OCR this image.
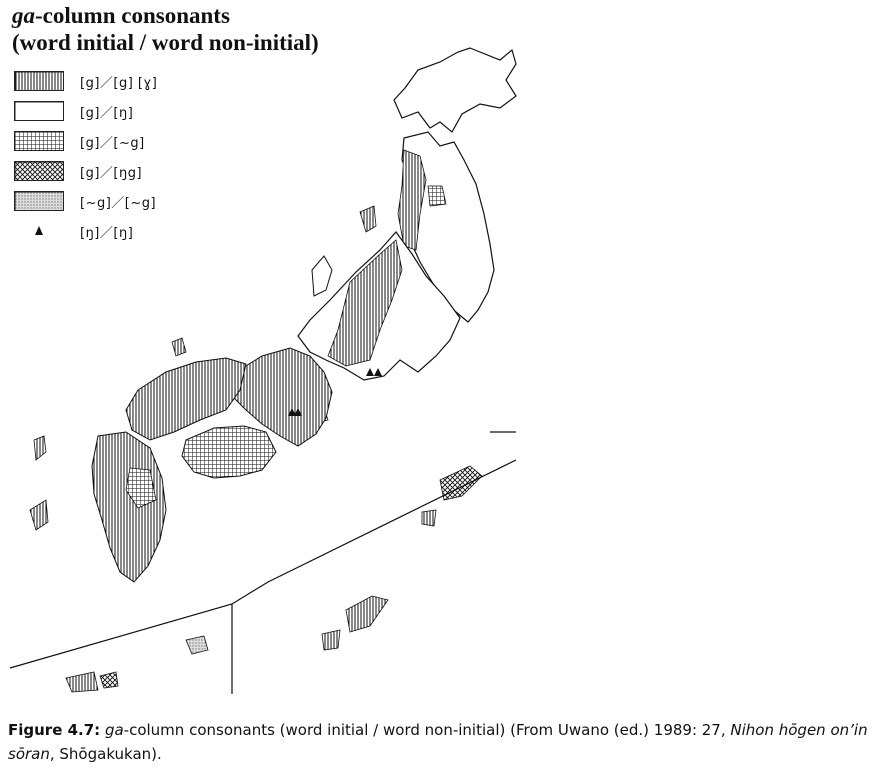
ga-column consonants
(word initial / word non-initial)
[g]／[g] [ɣ]
[g]／[ŋ]
[g]／[~g]
[g]／[ŋg]
[~g]／[~g]
[ŋ]／[ŋ]
Figure 4.7: ga-column consonants (word initial / word non-initial) (From Uwano (ed.) 1989: 27, Nihon hōgen on’in sōran, Shōgakukan).
